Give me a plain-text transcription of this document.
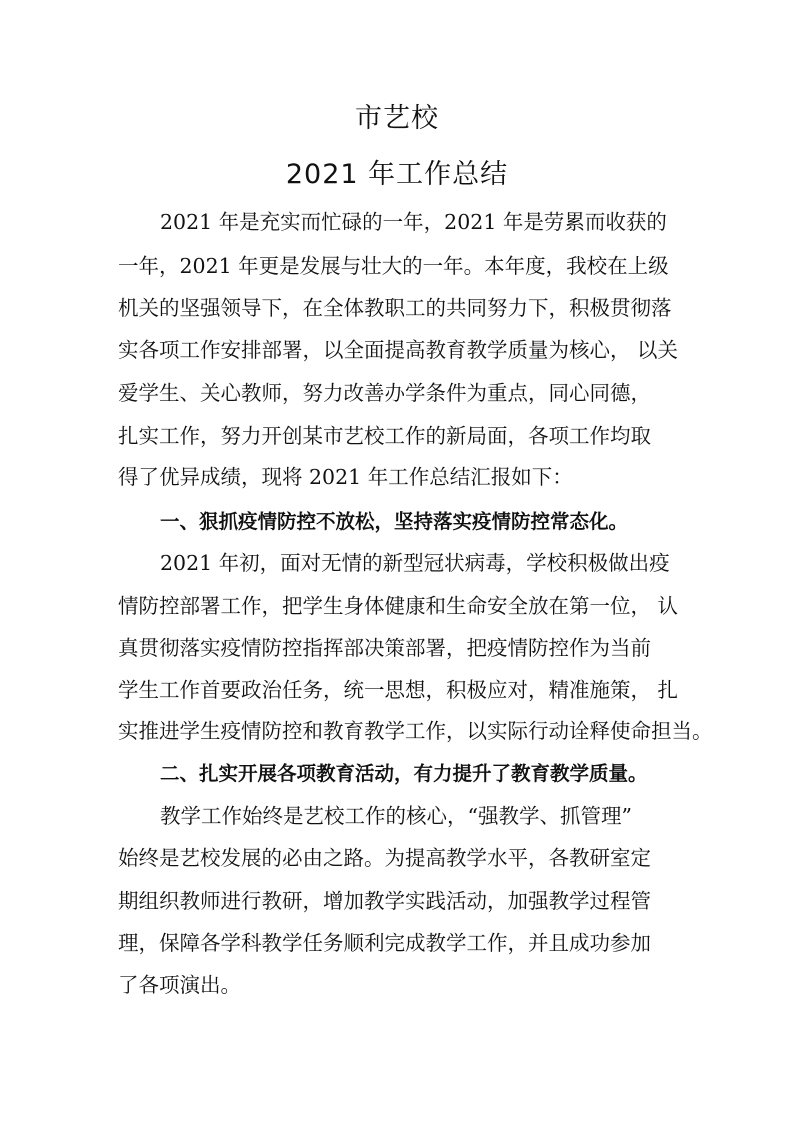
市艺校
2021 年工作总结
2021 年是充实而忙碌的一年，2021 年是劳累而收获的
一年，2021 年更是发展与壮大的一年。本年度，我校在上级
机关的坚强领导下，在全体教职工的共同努力下，积极贯彻落
实各项工作安排部署，以全面提高教育教学质量为核心， 以关
爱学生、关心教师，努力改善办学条件为重点，同心同德，
扎实工作，努力开创某市艺校工作的新局面，各项工作均取
得了优异成绩，现将 2021 年工作总结汇报如下：
一、狠抓疫情防控不放松，坚持落实疫情防控常态化。
2021 年初，面对无情的新型冠状病毒，学校积极做出疫
情防控部署工作，把学生身体健康和生命安全放在第一位， 认
真贯彻落实疫情防控指挥部决策部署，把疫情防控作为当前
学生工作首要政治任务，统一思想，积极应对，精准施策， 扎
实推进学生疫情防控和教育教学工作，以实际行动诠释使命担当。
二、扎实开展各项教育活动，有力提升了教育教学质量。
教学工作始终是艺校工作的核心，“强教学、抓管理”
始终是艺校发展的必由之路。为提高教学水平，各教研室定
期组织教师进行教研，增加教学实践活动，加强教学过程管
理，保障各学科教学任务顺利完成教学工作，并且成功参加
了各项演出。
